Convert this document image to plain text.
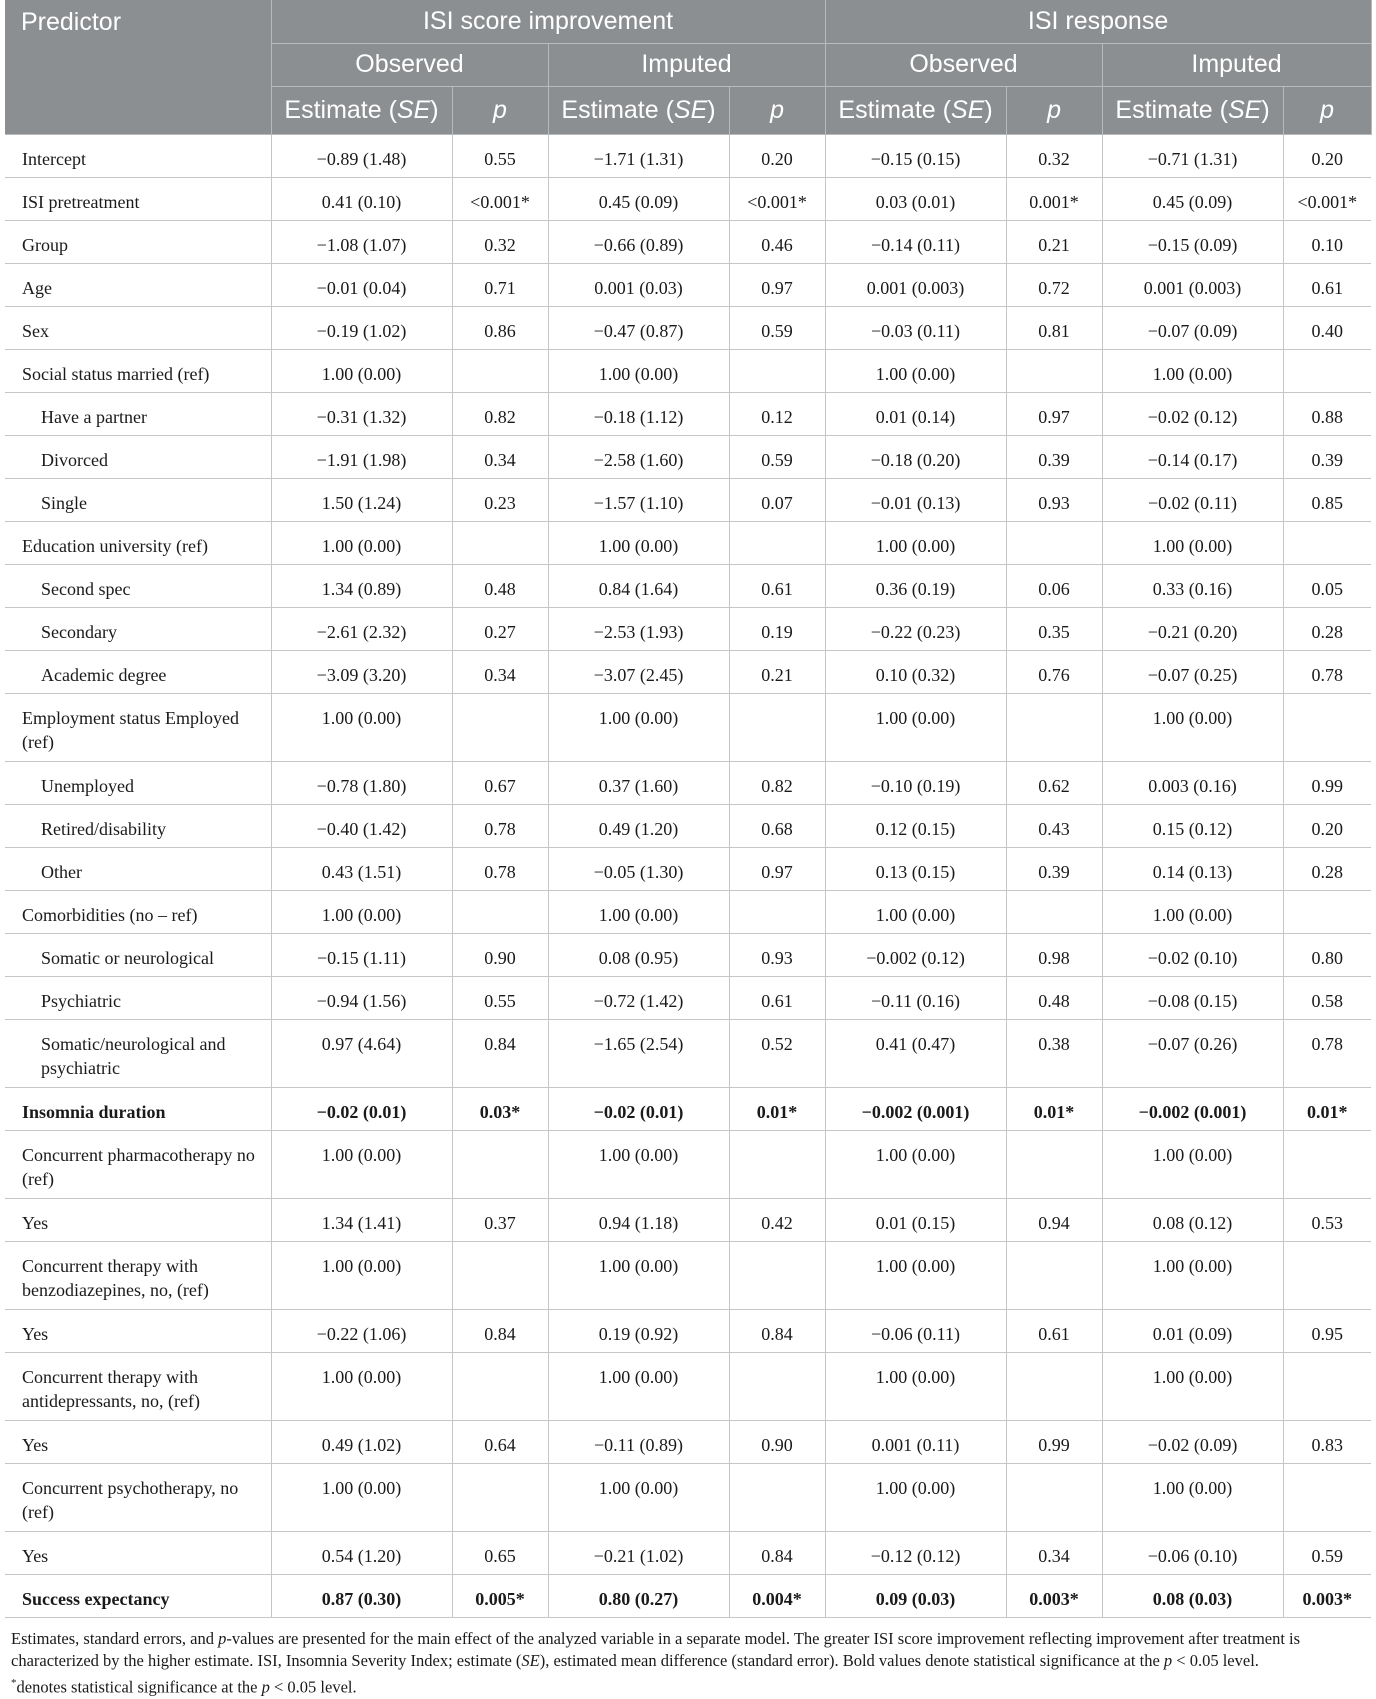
Predictor	ISI score improvement				ISI response			
	Observed		Imputed		Observed		Imputed	
	Estimate (SE)	p	Estimate (SE)	p	Estimate (SE)	p	Estimate (SE)	p
Intercept	−0.89 (1.48)	0.55	−1.71 (1.31)	0.20	−0.15 (0.15)	0.32	−0.71 (1.31)	0.20
ISI pretreatment	0.41 (0.10)	<0.001*	0.45 (0.09)	<0.001*	0.03 (0.01)	0.001*	0.45 (0.09)	<0.001*
Group	−1.08 (1.07)	0.32	−0.66 (0.89)	0.46	−0.14 (0.11)	0.21	−0.15 (0.09)	0.10
Age	−0.01 (0.04)	0.71	0.001 (0.03)	0.97	0.001 (0.003)	0.72	0.001 (0.003)	0.61
Sex	−0.19 (1.02)	0.86	−0.47 (0.87)	0.59	−0.03 (0.11)	0.81	−0.07 (0.09)	0.40
Social status married (ref)	1.00 (0.00)		1.00 (0.00)		1.00 (0.00)		1.00 (0.00)	
Have a partner	−0.31 (1.32)	0.82	−0.18 (1.12)	0.12	0.01 (0.14)	0.97	−0.02 (0.12)	0.88
Divorced	−1.91 (1.98)	0.34	−2.58 (1.60)	0.59	−0.18 (0.20)	0.39	−0.14 (0.17)	0.39
Single	1.50 (1.24)	0.23	−1.57 (1.10)	0.07	−0.01 (0.13)	0.93	−0.02 (0.11)	0.85
Education university (ref)	1.00 (0.00)		1.00 (0.00)		1.00 (0.00)		1.00 (0.00)	
Second spec	1.34 (0.89)	0.48	0.84 (1.64)	0.61	0.36 (0.19)	0.06	0.33 (0.16)	0.05
Secondary	−2.61 (2.32)	0.27	−2.53 (1.93)	0.19	−0.22 (0.23)	0.35	−0.21 (0.20)	0.28
Academic degree	−3.09 (3.20)	0.34	−3.07 (2.45)	0.21	0.10 (0.32)	0.76	−0.07 (0.25)	0.78
Employment status Employed (ref)	1.00 (0.00)		1.00 (0.00)		1.00 (0.00)		1.00 (0.00)	
Unemployed	−0.78 (1.80)	0.67	0.37 (1.60)	0.82	−0.10 (0.19)	0.62	0.003 (0.16)	0.99
Retired/disability	−0.40 (1.42)	0.78	0.49 (1.20)	0.68	0.12 (0.15)	0.43	0.15 (0.12)	0.20
Other	0.43 (1.51)	0.78	−0.05 (1.30)	0.97	0.13 (0.15)	0.39	0.14 (0.13)	0.28
Comorbidities (no – ref)	1.00 (0.00)		1.00 (0.00)		1.00 (0.00)		1.00 (0.00)	
Somatic or neurological	−0.15 (1.11)	0.90	0.08 (0.95)	0.93	−0.002 (0.12)	0.98	−0.02 (0.10)	0.80
Psychiatric	−0.94 (1.56)	0.55	−0.72 (1.42)	0.61	−0.11 (0.16)	0.48	−0.08 (0.15)	0.58
Somatic/neurological and psychiatric	0.97 (4.64)	0.84	−1.65 (2.54)	0.52	0.41 (0.47)	0.38	−0.07 (0.26)	0.78
Insomnia duration	−0.02 (0.01)	0.03*	−0.02 (0.01)	0.01*	−0.002 (0.001)	0.01*	−0.002 (0.001)	0.01*
Concurrent pharmacotherapy no (ref)	1.00 (0.00)		1.00 (0.00)		1.00 (0.00)		1.00 (0.00)	
Yes	1.34 (1.41)	0.37	0.94 (1.18)	0.42	0.01 (0.15)	0.94	0.08 (0.12)	0.53
Concurrent therapy with benzodiazepines, no, (ref)	1.00 (0.00)		1.00 (0.00)		1.00 (0.00)		1.00 (0.00)	
Yes	−0.22 (1.06)	0.84	0.19 (0.92)	0.84	−0.06 (0.11)	0.61	0.01 (0.09)	0.95
Concurrent therapy with antidepressants, no, (ref)	1.00 (0.00)		1.00 (0.00)		1.00 (0.00)		1.00 (0.00)	
Yes	0.49 (1.02)	0.64	−0.11 (0.89)	0.90	0.001 (0.11)	0.99	−0.02 (0.09)	0.83
Concurrent psychotherapy, no (ref)	1.00 (0.00)		1.00 (0.00)		1.00 (0.00)		1.00 (0.00)	
Yes	0.54 (1.20)	0.65	−0.21 (1.02)	0.84	−0.12 (0.12)	0.34	−0.06 (0.10)	0.59
Success expectancy	0.87 (0.30)	0.005*	0.80 (0.27)	0.004*	0.09 (0.03)	0.003*	0.08 (0.03)	0.003*

Estimates, standard errors, and p-values are presented for the main effect of the analyzed variable in a separate model. The greater ISI score improvement reflecting improvement after treatment is characterized by the higher estimate. ISI, Insomnia Severity Index; estimate (SE), estimated mean difference (standard error). Bold values denote statistical significance at the p < 0.05 level.

*denotes statistical significance at the p < 0.05 level.
